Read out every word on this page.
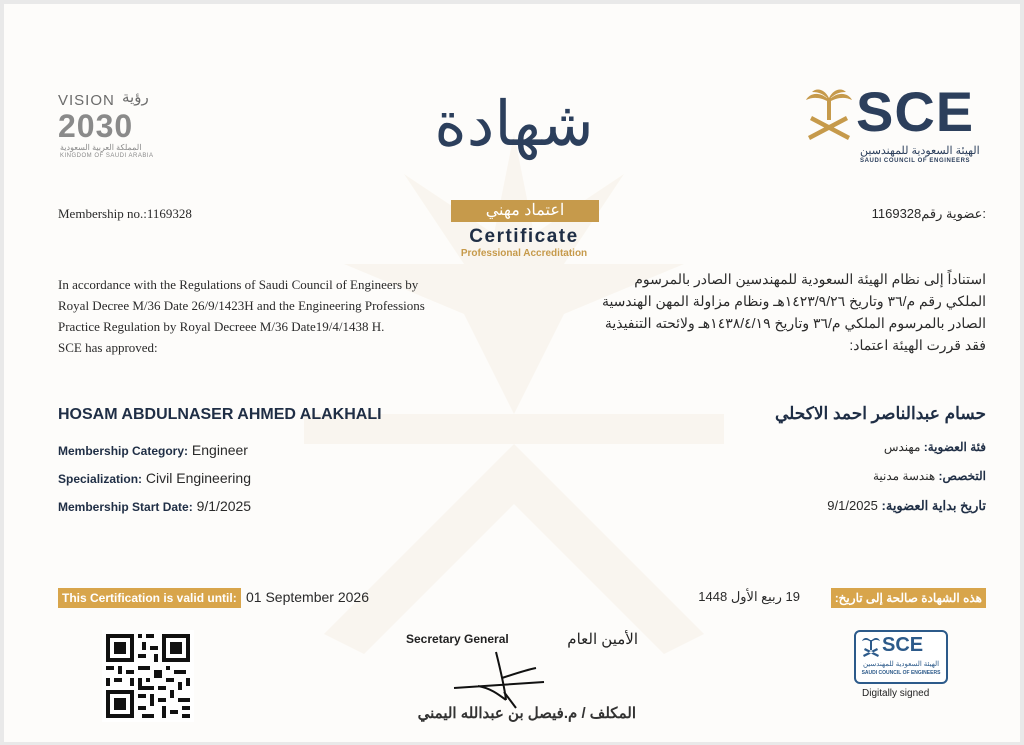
VISION رؤية
2030
المملكة العربية السعودية
KINGDOM OF SAUDI ARABIA	شهادة
اعتماد مهني
Certificate
Professional Accreditation
SCE
الهيئة السعودية للمهندسين
SAUDI COUNCIL OF ENGINEERS
Membership no.:1169328	1169328عضوية رقم:
In accordance with the Regulations of Saudi Council of Engineers by
Royal Decree M/36 Date 26/9/1423H and the Engineering Professions
Practice Regulation by Royal Decreee M/36 Date19/4/1438 H.
SCE has approved:
استناداً إلى نظام الهيئة السعودية للمهندسين الصادر بالمرسوم
الملكي رقم م/٣٦ وتاريخ ١٤٢٣/٩/٢٦هـ ونظام مزاولة المهن الهندسية
الصادر بالمرسوم الملكي م/٣٦ وتاريخ ١٤٣٨/٤/١٩هـ ولائحته التنفيذية
فقد قررت الهيئة اعتماد:
HOSAM ABDULNASER AHMED ALAKHALI	حسام عبدالناصر احمد الاكحلي
Membership Category: Engineer
Specialization: Civil Engineering
Membership Start Date: 9/1/2025
فئة العضوية: مهندس
التخصص: هندسة مدنية
تاريخ بداية العضوية: 9/1/2025
This Certification is valid until: 01 September 2026	هذه الشهادة صالحة إلى تاريخ:
19 ربيع الأول 1448
Secretary General	الأمين العام
المكلف / م.فيصل بن عبدالله اليمني
SCE
الهيئة السعودية للمهندسين
SAUDI COUNCIL OF ENGINEERS
Digitally signed
